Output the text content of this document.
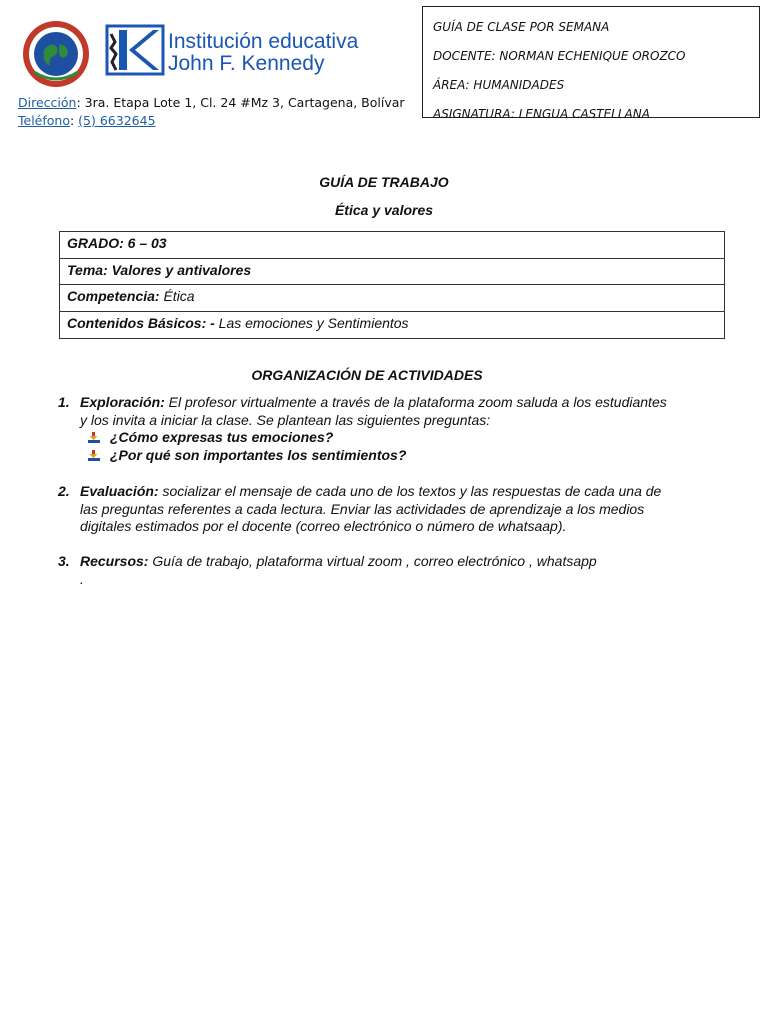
Institución educativa
John F. Kennedy
Dirección: 3ra. Etapa Lote 1, Cl. 24 #Mz 3, Cartagena, Bolívar
Teléfono: (5) 6632645
GUÍA DE CLASE POR SEMANA
DOCENTE: NORMAN ECHENIQUE OROZCO
ÁREA: HUMANIDADES
ASIGNATURA: LENGUA CASTELLANA
GUÍA DE TRABAJO
Ética y valores
GRADO: 6 – 03
Tema: Valores y antivalores
Competencia: Ética
Contenidos Básicos: - Las emociones y Sentimientos
ORGANIZACIÓN DE ACTIVIDADES
1. Exploración: El profesor virtualmente a través de la plataforma zoom saluda a los estudiantes y los invita a iniciar la clase. Se plantean las siguientes preguntas:
¿Cómo expresas tus emociones?
¿Por qué son importantes los sentimientos?
2. Evaluación: socializar el mensaje de cada uno de los textos y las respuestas de cada una de las preguntas referentes a cada lectura. Enviar las actividades de aprendizaje a los medios digitales estimados por el docente (correo electrónico o número de whatsaap).
3. Recursos: Guía de trabajo, plataforma virtual zoom , correo electrónico , whatsapp
.
